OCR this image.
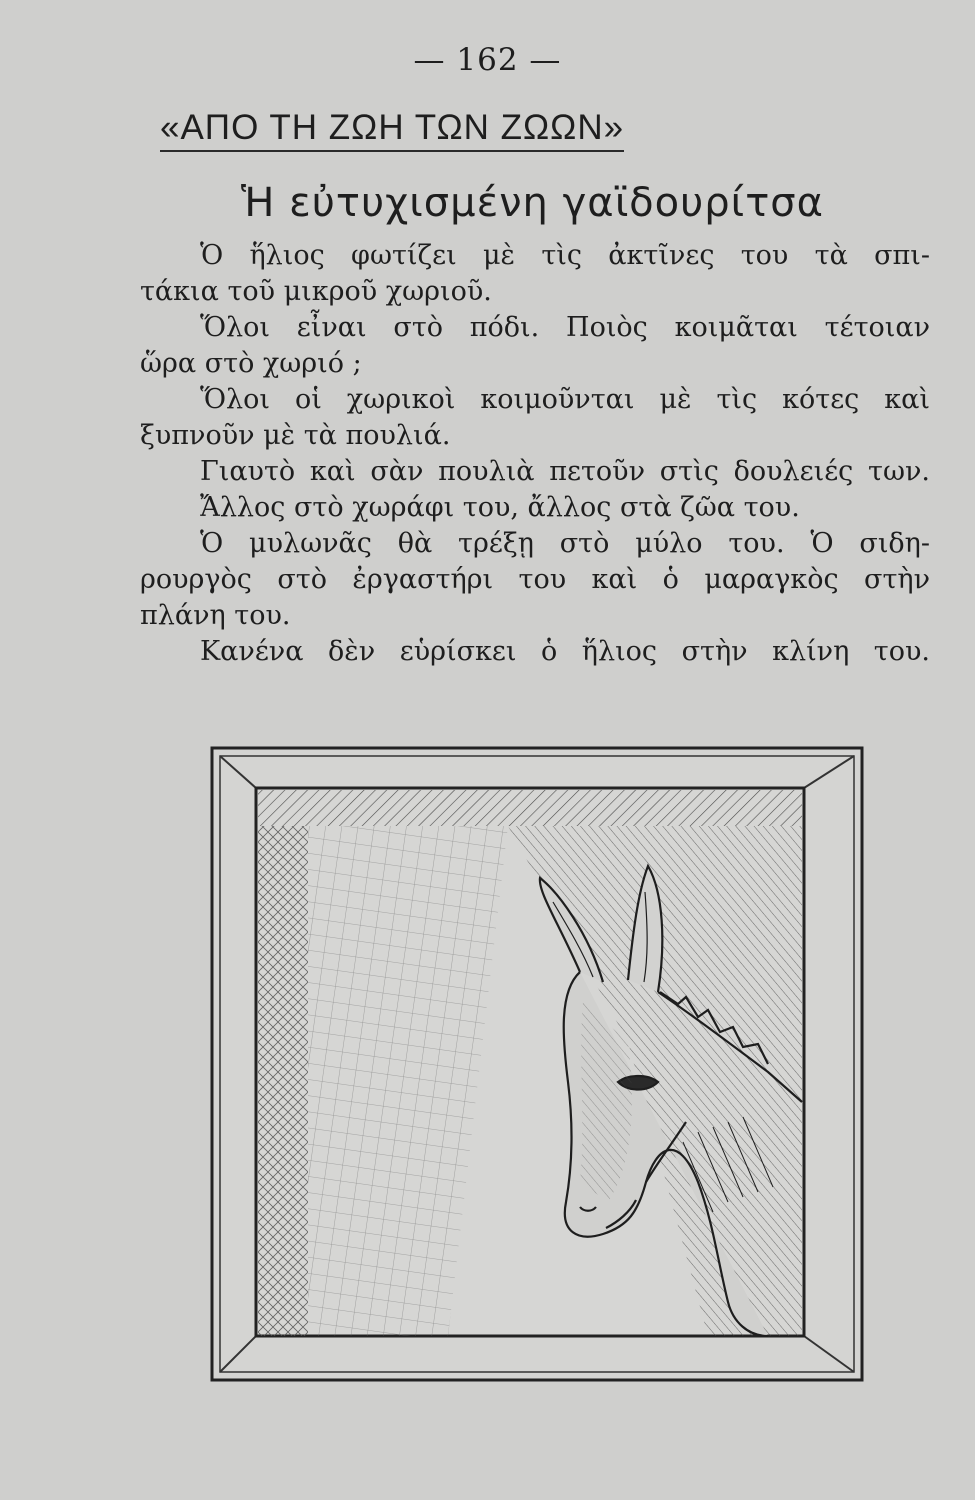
— 162 —
«ΑΠΟ ΤΗ ΖΩΗ ΤΩΝ ΖΩΩΝ»
Ἡ εὐτυχισμένη γαϊδουρίτσα
Ὁ ἥλιος φωτίζει μὲ τὶς ἀκτῖνες του τὰ σπι-
τάκια τοῦ μικροῦ χωριοῦ.
Ὅλοι εἶναι στὸ πόδι. Ποιὸς κοιμᾶται τέτοιαν
ὥρα στὸ χωριό ;
Ὅλοι οἱ χωρικοὶ κοιμοῦνται μὲ τὶς κότες καὶ
ξυπνοῦν μὲ τὰ πουλιά.
Γιαυτὸ καὶ σὰν πουλιὰ πετοῦν στὶς δουλειές των.
Ἄλλος στὸ χωράφι του, ἄλλος στὰ ζῶα του.
Ὁ μυλωνᾶς θὰ τρέξῃ στὸ μύλο του. Ὁ σιδη-
ρουργὸς στὸ ἐργαστήρι του καὶ ὁ μαραγκὸς στὴν
πλάνη του.
Κανένα δὲν εὑρίσκει ὁ ἥλιος στὴν κλίνη του.
